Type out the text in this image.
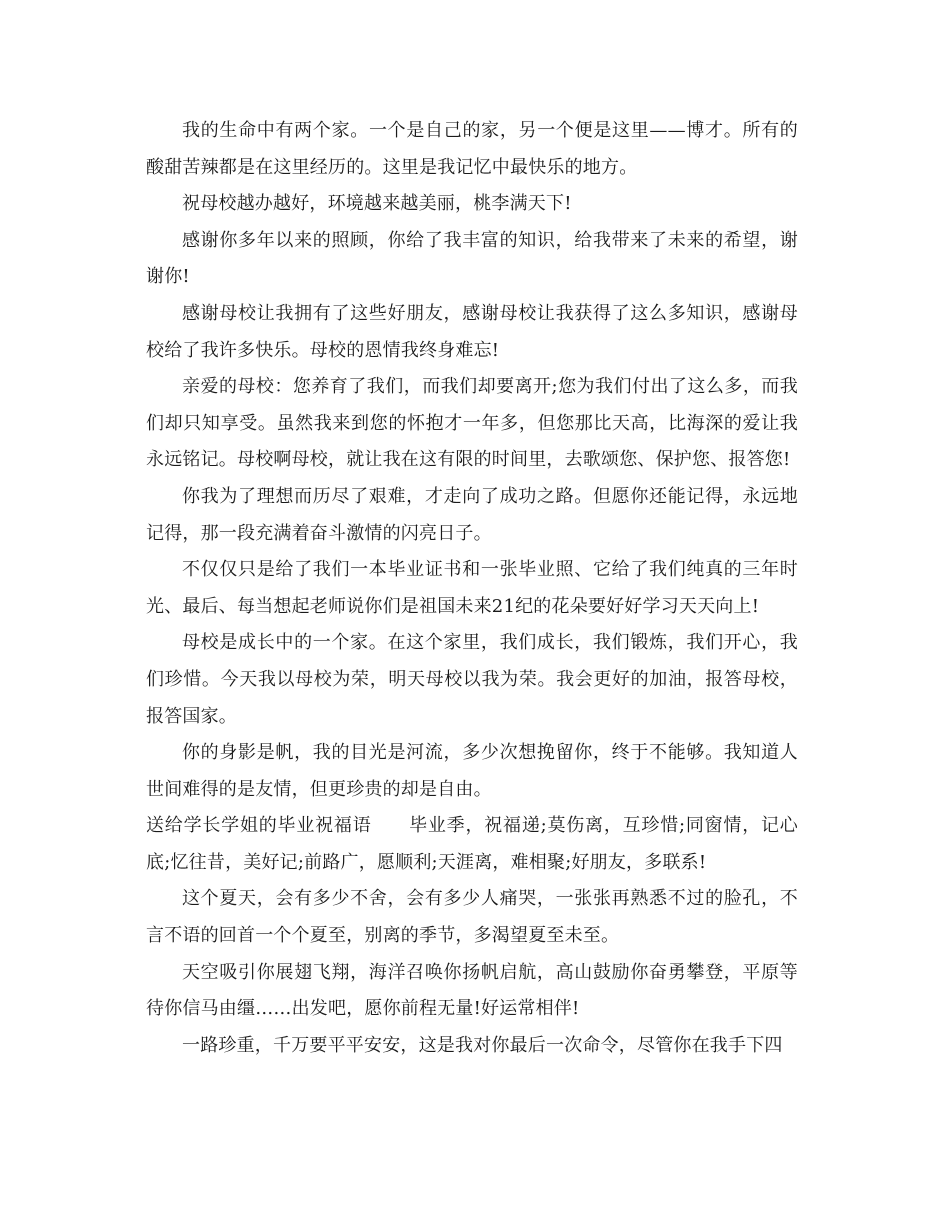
我的生命中有两个家。一个是自己的家，另一个便是这里——博才。所有的酸甜苦辣都是在这里经历的。这里是我记忆中最快乐的地方。

祝母校越办越好，环境越来越美丽，桃李满天下!

感谢你多年以来的照顾，你给了我丰富的知识，给我带来了未来的希望，谢谢你!

感谢母校让我拥有了这些好朋友，感谢母校让我获得了这么多知识，感谢母校给了我许多快乐。母校的恩情我终身难忘!

亲爱的母校：您养育了我们，而我们却要离开;您为我们付出了这么多，而我们却只知享受。虽然我来到您的怀抱才一年多，但您那比天高，比海深的爱让我永远铭记。母校啊母校，就让我在这有限的时间里，去歌颂您、保护您、报答您!

你我为了理想而历尽了艰难，才走向了成功之路。但愿你还能记得，永远地记得，那一段充满着奋斗激情的闪亮日子。

不仅仅只是给了我们一本毕业证书和一张毕业照、它给了我们纯真的三年时光、最后、每当想起老师说你们是祖国未来21纪的花朵要好好学习天天向上!

母校是成长中的一个家。在这个家里，我们成长，我们锻炼，我们开心，我们珍惜。今天我以母校为荣，明天母校以我为荣。我会更好的加油，报答母校，报答国家。

你的身影是帆，我的目光是河流，多少次想挽留你，终于不能够。我知道人世间难得的是友情，但更珍贵的却是自由。

送给学长学姐的毕业祝福语　　 毕业季，祝福递;莫伤离，互珍惜;同窗情，记心底;忆往昔，美好记;前路广，愿顺利;天涯离，难相聚;好朋友，多联系!

这个夏天，会有多少不舍，会有多少人痛哭，一张张再熟悉不过的脸孔，不言不语的回首一个个夏至，别离的季节，多渴望夏至未至。

天空吸引你展翅飞翔，海洋召唤你扬帆启航，高山鼓励你奋勇攀登，平原等待你信马由缰……出发吧，愿你前程无量!好运常相伴!

一路珍重，千万要平平安安，这是我对你最后一次命令，尽管你在我手下四
